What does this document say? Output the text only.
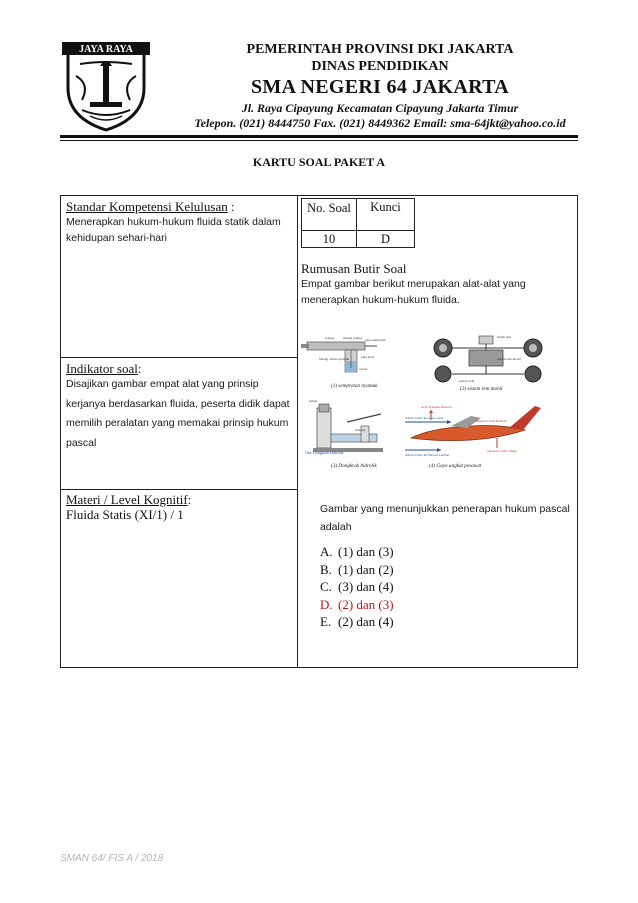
JAYA RAYA	PEMERINTAH PROVINSI DKI JAKARTA
DINAS PENDIDIKAN
SMA NEGERI 64 JAKARTA
Jl. Raya Cipayung Kecamatan Cipayung Jakarta Timur
Telepon. (021) 8444750 Fax. (021) 8449362 Email: sma-64jkt@yahoo.co.id
KARTU SOAL PAKET A
Standar Kompetensi Kelulusan :
Menerapkan hukum-hukum fluida statik dalam kehidupan sehari-hari
Indikator soal:
Disajikan gambar empat alat yang prinsip kerjanya berdasarkan fluida, peserta didik dapat memilih peralatan yang memakai prinsip hukum pascal
Materi / Level Kognitif:
Fluida Statis (XI/1) / 1
No. Soal	Kunci
10	D
Rumusan Butir Soal
Empat gambar berikut merupakan alat-alat yang menerapkan hukum-hukum fluida.
pompa	tabung pompa pipa semprotan
tabung cairan nyamuk	pipa kecil
cairan
(1) semprotan nyamuk
fluida rem
sistem rem mobil
piston roda
(2) sistem rem mobil
Gbr. Dongkrak Hidrolik
beban
minyak
(3) Dongkrak hidrolik
Arah Tekanan Pesawat
Aliran Udara Ke Atas Cepat
Tekanan Lebih Rendah
Aliran Udara Ke Bawah Lambat
Tekanan Lebih Tinggi
(4) Gaya angkat pesawat
Gambar yang menunjukkan penerapan hukum pascal adalah
A. (1) dan (3)
B. (1) dan (2)
C. (3) dan (4)
D. (2) dan (3)
E. (2) dan (4)
SMAN 64/ FIS A / 2018
